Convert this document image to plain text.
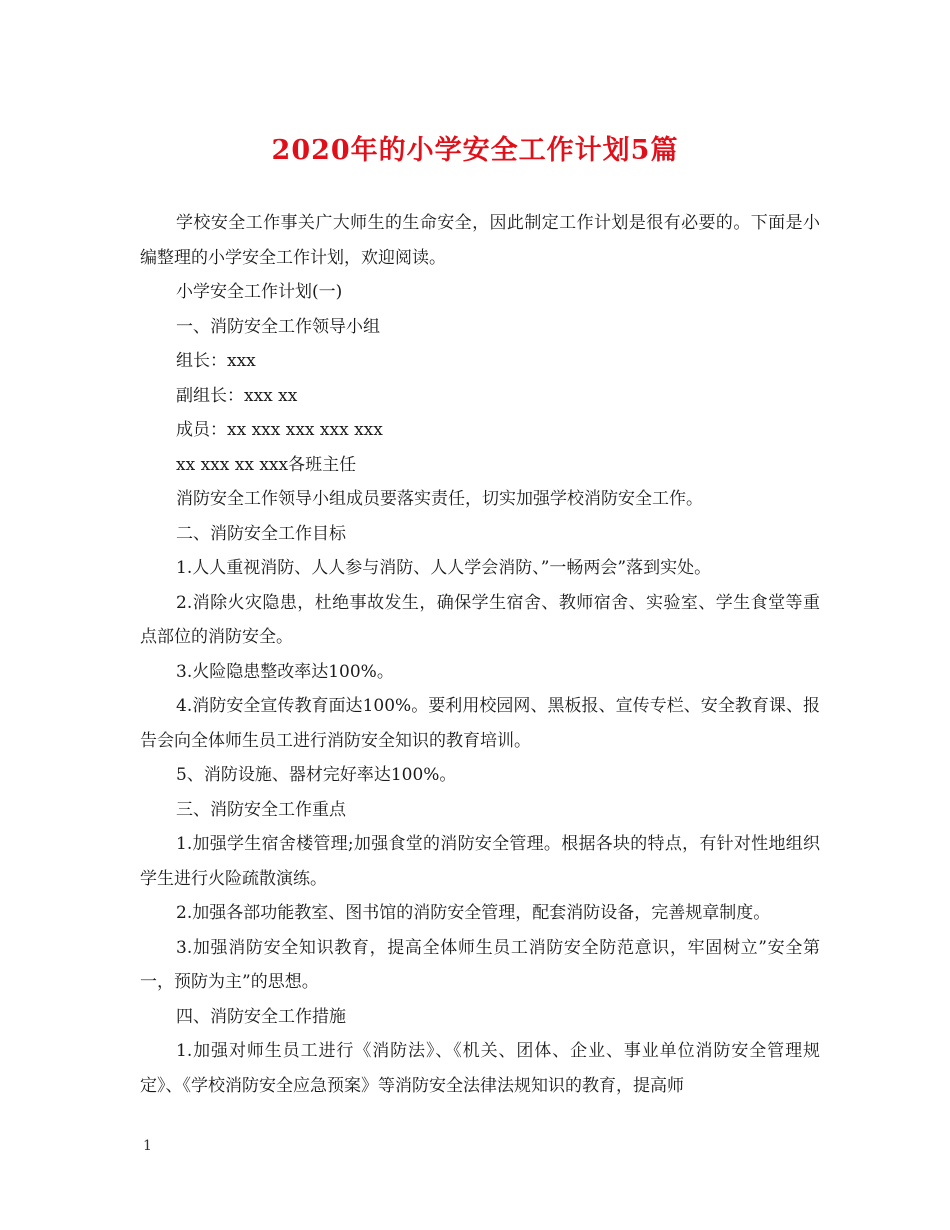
2020年的小学安全工作计划5篇

学校安全工作事关广大师生的生命安全，因此制定工作计划是很有必要的。下面是小编整理的小学安全工作计划，欢迎阅读。

小学安全工作计划(一)

一、消防安全工作领导小组

组长：xxx

副组长：xxx xx

成员：xx xxx xxx xxx xxx

xx xxx xx xxx各班主任

消防安全工作领导小组成员要落实责任，切实加强学校消防安全工作。

二、消防安全工作目标

1.人人重视消防、人人参与消防、人人学会消防、”一畅两会”落到实处。

2.消除火灾隐患，杜绝事故发生，确保学生宿舍、教师宿舍、实验室、学生食堂等重点部位的消防安全。

3.火险隐患整改率达100%。

4.消防安全宣传教育面达100%。要利用校园网、黑板报、宣传专栏、安全教育课、报告会向全体师生员工进行消防安全知识的教育培训。

5、消防设施、器材完好率达100%。

三、消防安全工作重点

1.加强学生宿舍楼管理;加强食堂的消防安全管理。根据各块的特点，有针对性地组织学生进行火险疏散演练。

2.加强各部功能教室、图书馆的消防安全管理，配套消防设备，完善规章制度。

3.加强消防安全知识教育，提高全体师生员工消防安全防范意识，牢固树立”安全第一，预防为主”的思想。

四、消防安全工作措施

1.加强对师生员工进行《消防法》、《机关、团体、企业、事业单位消防安全管理规定》、《学校消防安全应急预案》等消防安全法律法规知识的教育，提高师

1
